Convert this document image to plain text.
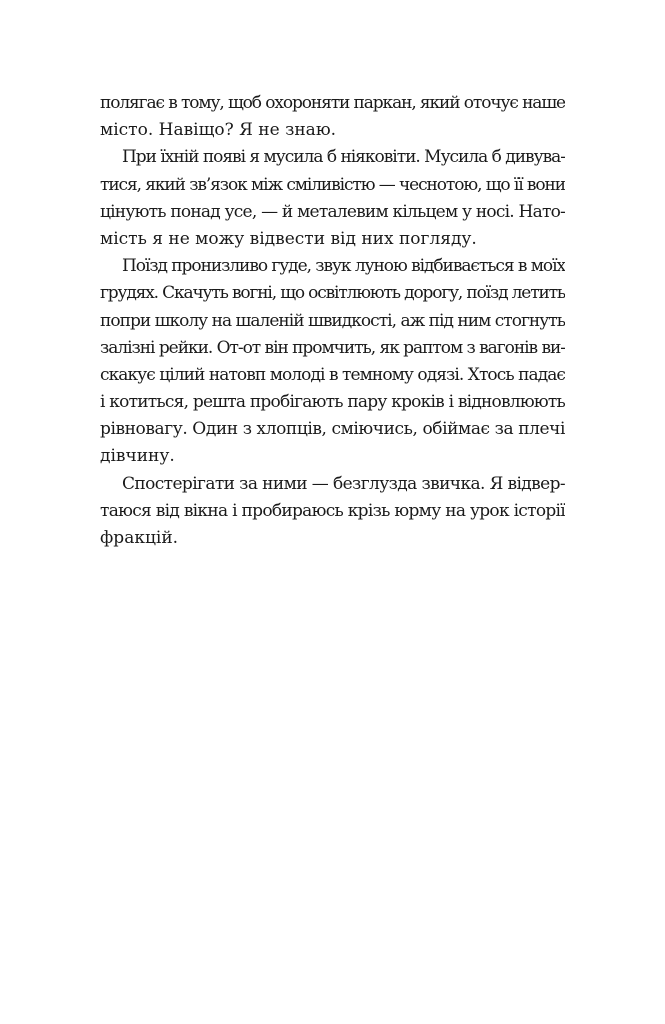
полягає в тому, щоб охороняти паркан, який оточує наше
місто. Навіщо? Я не знаю.
При їхній появі я мусила б ніяковіти. Мусила б дивува-
тися, який зв’язок між сміливістю — чеснотою, що її вони
цінують понад усе, — й металевим кільцем у носі. Нато-
мість я не можу відвести від них погляду.
Поїзд пронизливо гуде, звук луною відбивається в моїх
грудях. Скачуть вогні, що освітлюють дорогу, поїзд летить
попри школу на шаленій швидкості, аж під ним стогнуть
залізні рейки. От-от він промчить, як раптом з вагонів ви-
скакує цілий натовп молоді в темному одязі. Хтось падає
і котиться, решта пробігають пару кроків і відновлюють
рівновагу. Один з хлопців, сміючись, обіймає за плечі
дівчину.
Спостерігати за ними — безглузда звичка. Я відвер-
таюся від вікна і пробираюсь крізь юрму на урок історії
фракцій.
